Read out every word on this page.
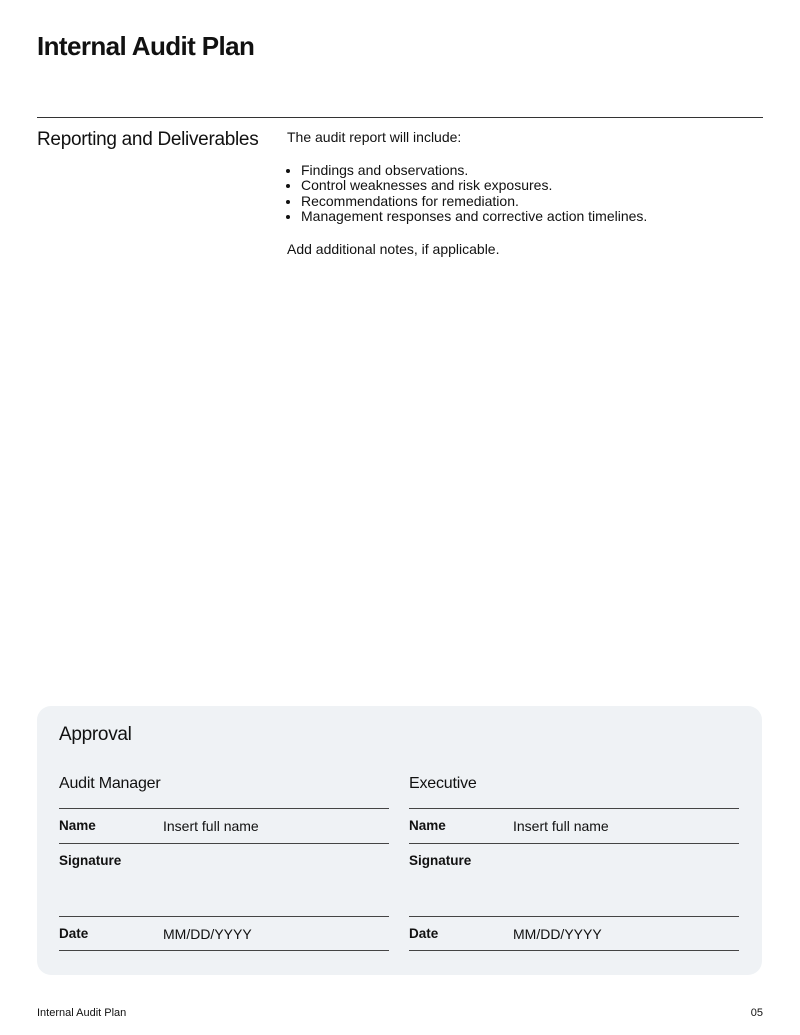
Internal Audit Plan
Reporting and Deliverables The audit report will include:

• Findings and observations.
• Control weaknesses and risk exposures.
• Recommendations for remediation.
• Management responses and corrective action timelines.

Add additional notes, if applicable.

Approval
Audit Manager
Name	Insert full name
Signature
Date	MM/DD/YYYY
Executive
Name	Insert full name
Signature
Date	MM/DD/YYYY
Internal Audit Plan	05
